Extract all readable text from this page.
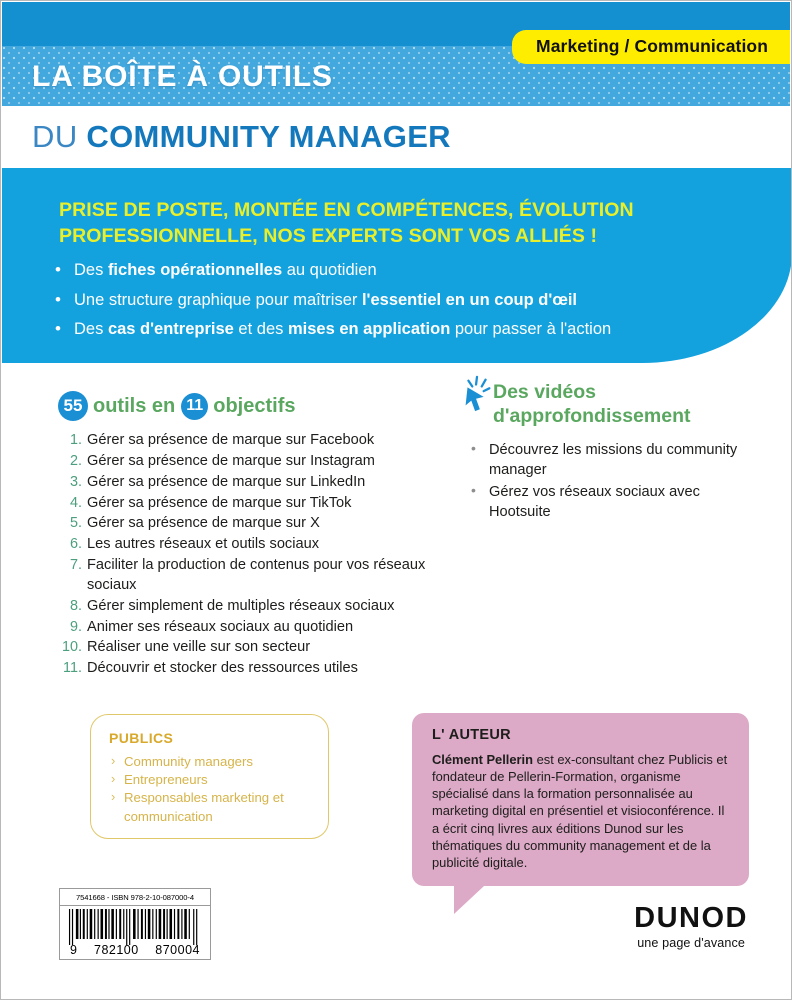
Marketing / Communication
LA BOÎTE À OUTILS
DU COMMUNITY MANAGER
PRISE DE POSTE, MONTÉE EN COMPÉTENCES, ÉVOLUTION PROFESSIONNELLE, NOS EXPERTS SONT VOS ALLIÉS !
• Des fiches opérationnelles au quotidien
• Une structure graphique pour maîtriser l'essentiel en un coup d'œil
• Des cas d'entreprise et des mises en application pour passer à l'action
55 outils en 11 objectifs
Gérer sa présence de marque sur Facebook
Gérer sa présence de marque sur Instagram
Gérer sa présence de marque sur LinkedIn
Gérer sa présence de marque sur TikTok
Gérer sa présence de marque sur X
Les autres réseaux et outils sociaux
Faciliter la production de contenus pour vos réseaux sociaux
Gérer simplement de multiples réseaux sociaux
Animer ses réseaux sociaux au quotidien
Réaliser une veille sur son secteur
Découvrir et stocker des ressources utiles
Des vidéos d'approfondissement
• Découvrez les missions du community manager
• Gérez vos réseaux sociaux avec Hootsuite
PUBLICS
› Community managers
› Entrepreneurs
› Responsables marketing et communication
L' AUTEUR

Clément Pellerin est ex-consultant chez Publicis et fondateur de Pellerin-Formation, organisme spécialisé dans la formation personnalisée au marketing digital en présentiel et visioconférence. Il a écrit cinq livres aux éditions Dunod sur les thématiques du community management et de la publicité digitale.

7541668 - ISBN 978-2-10-087000-4
9 782100 870004
DUNOD
une page d'avance
